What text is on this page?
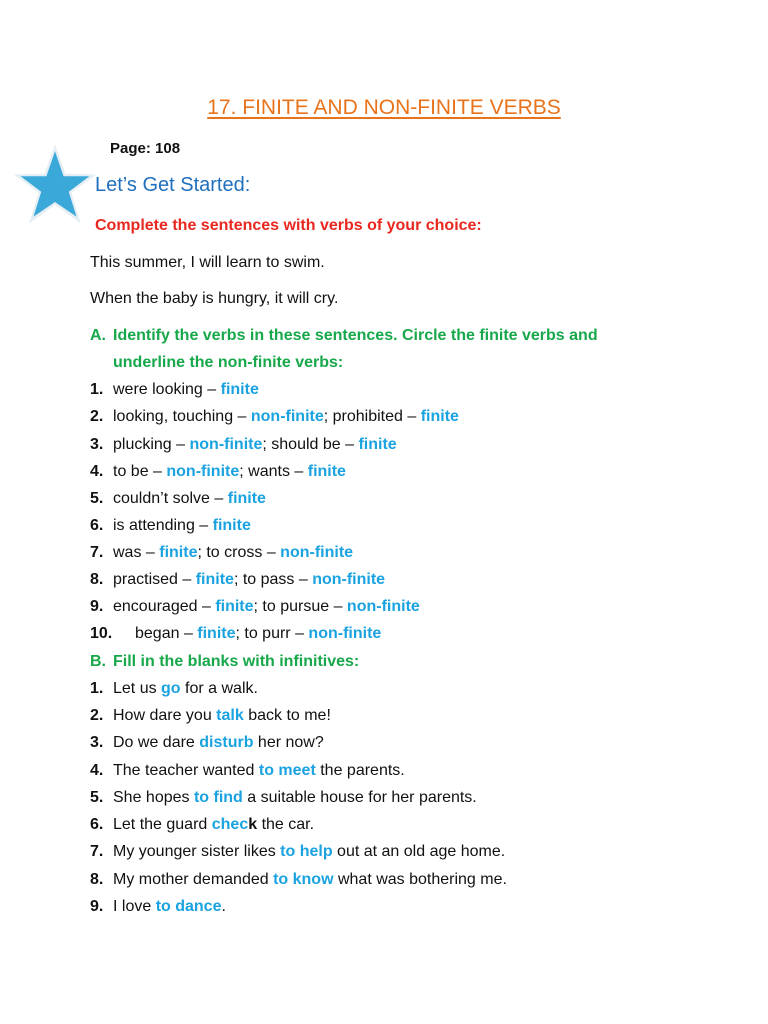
17. FINITE AND NON-FINITE VERBS
Page: 108
Let’s Get Started:
Complete the sentences with verbs of your choice:
This summer, I will learn to swim.
When the baby is hungry, it will cry.
A. Identify the verbs in these sentences. Circle the finite verbs and
underline the non-finite verbs:
1. were looking – finite
2. looking, touching – non-finite; prohibited – finite
3. plucking – non-finite; should be – finite
4. to be – non-finite; wants – finite
5. couldn’t solve – finite
6. is attending – finite
7. was – finite; to cross – non-finite
8. practised – finite; to pass – non-finite
9. encouraged – finite; to pursue – non-finite
10. began – finite; to purr – non-finite
B. Fill in the blanks with infinitives:
1. Let us go for a walk.
2. How dare you talk back to me!
3. Do we dare disturb her now?
4. The teacher wanted to meet the parents.
5. She hopes to find a suitable house for her parents.
6. Let the guard check the car.
7. My younger sister likes to help out at an old age home.
8. My mother demanded to know what was bothering me.
9. I love to dance.
